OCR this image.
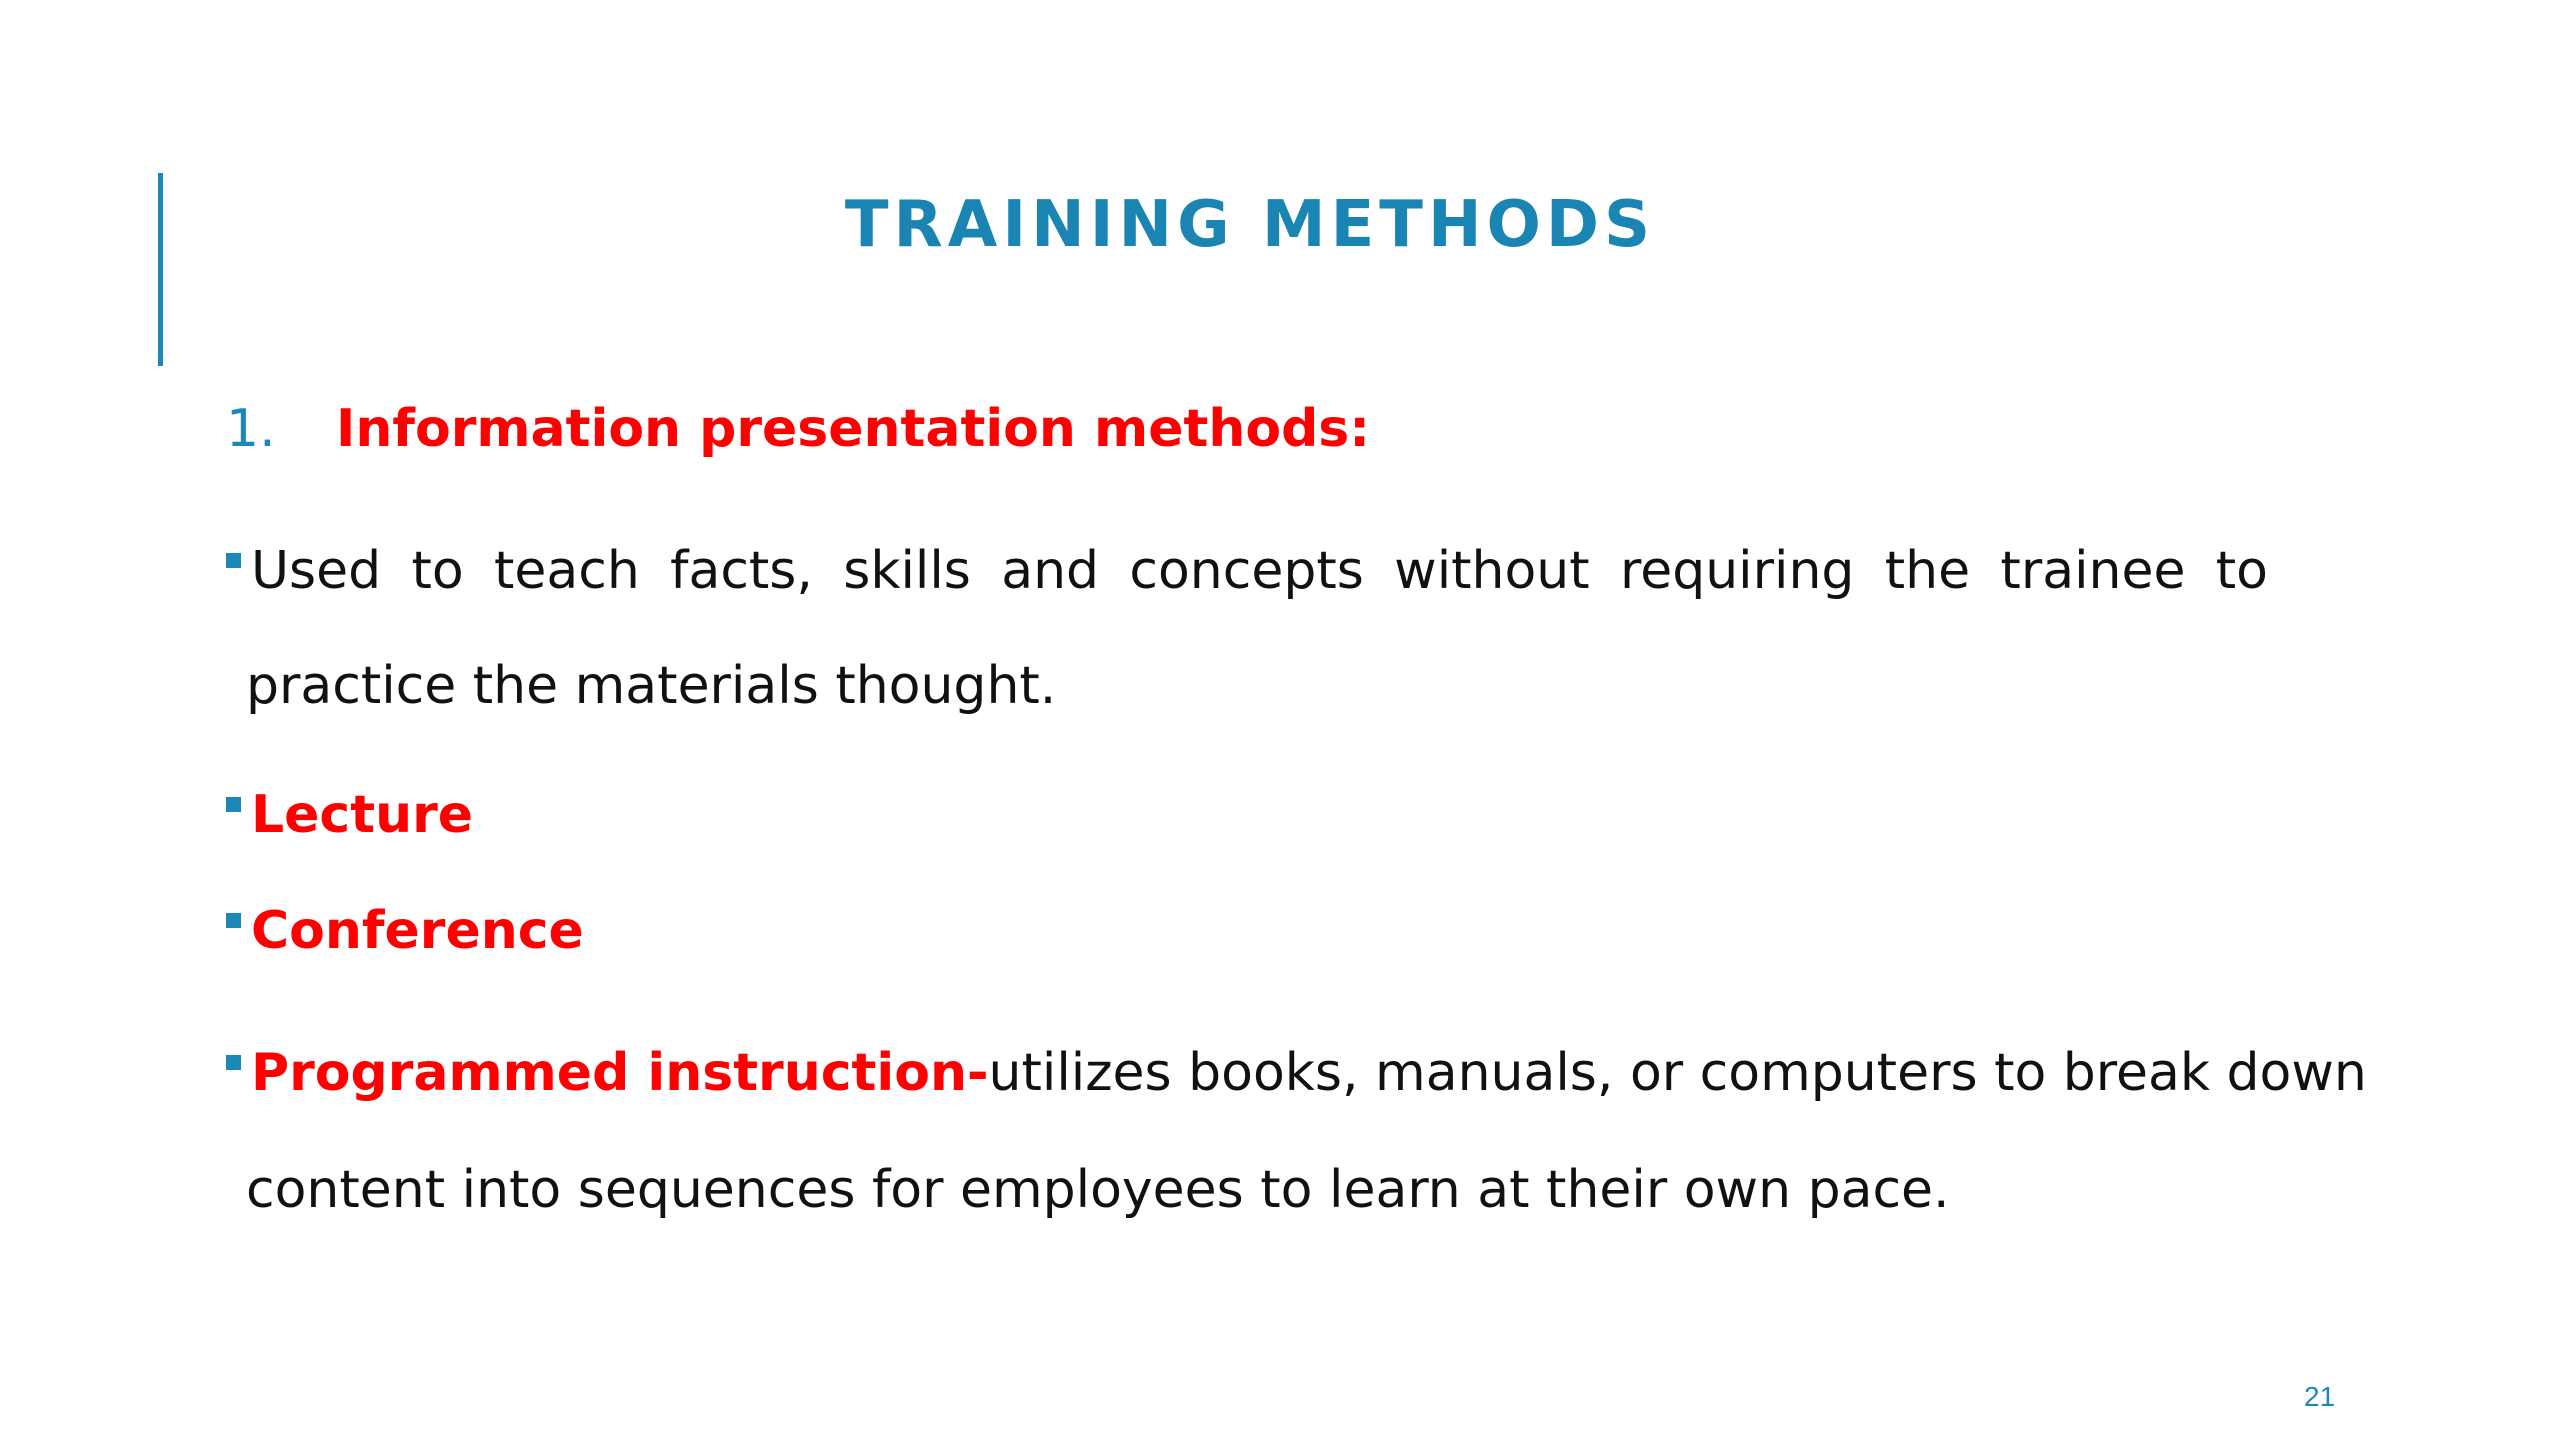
TRAINING METHODS
1. Information presentation methods:
Used to teach facts, skills and concepts without requiring the trainee to
practice the materials thought.
Lecture
Conference
Programmed instruction-utilizes books, manuals, or computers to break down
content into sequences for employees to learn at their own pace.
21
